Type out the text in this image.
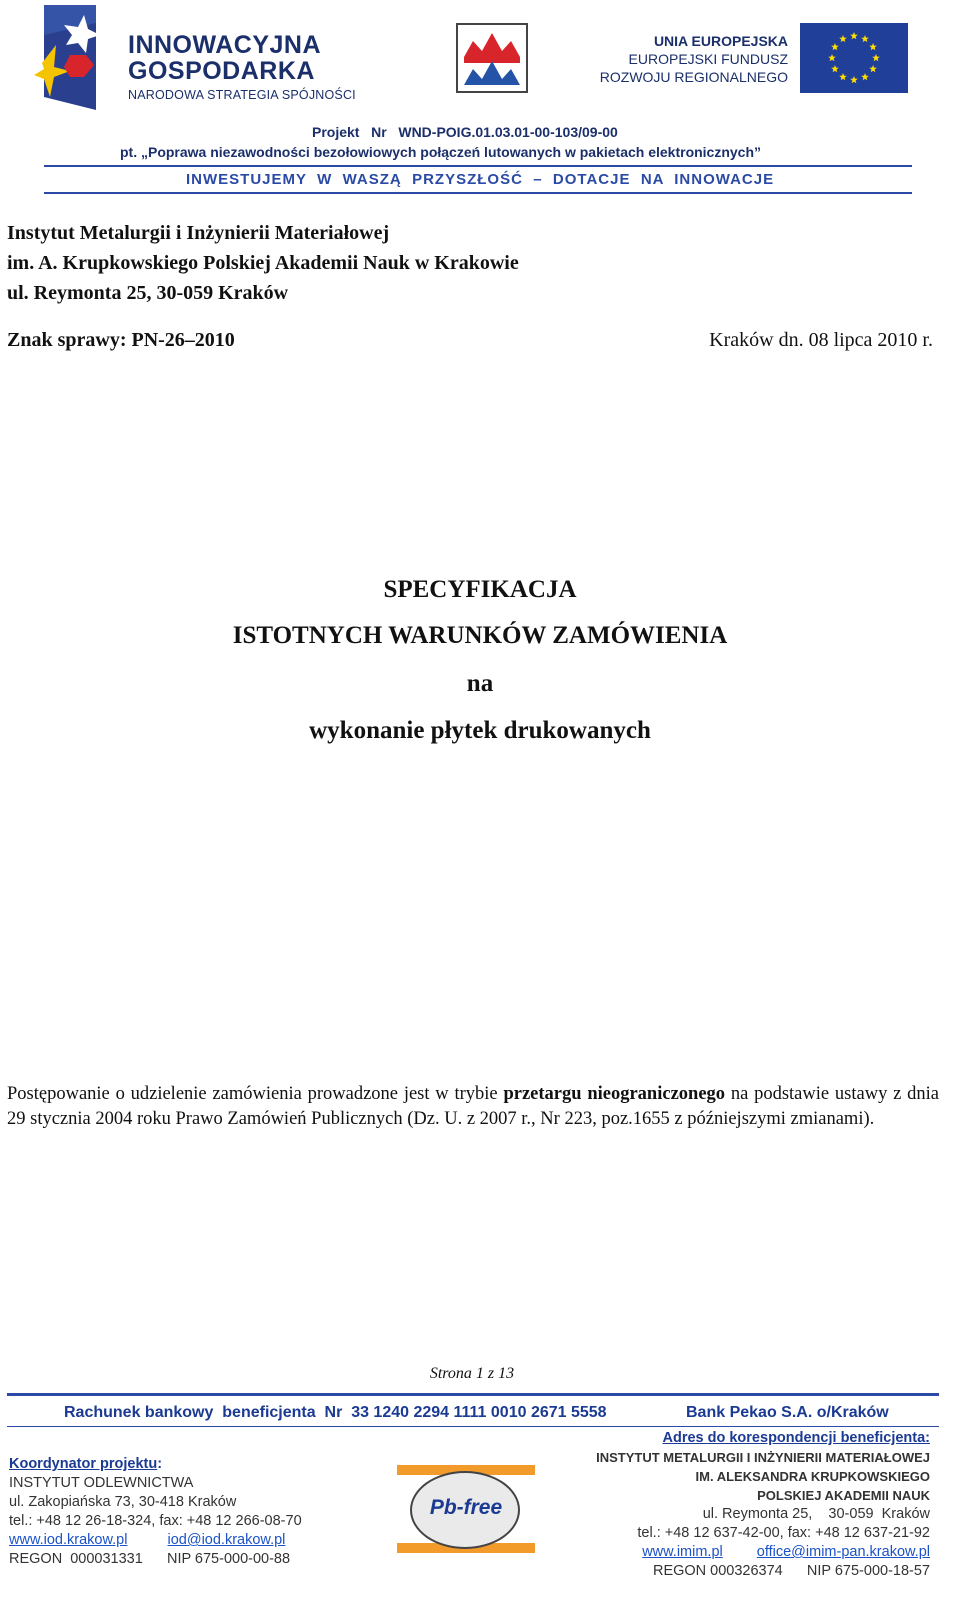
INNOWACYJNA
GOSPODARKA
NARODOWA STRATEGIA SPÓJNOŚCI
UNIA EUROPEJSKA
EUROPEJSKI FUNDUSZ
ROZWOJU REGIONALNEGO
Projekt   Nr   WND-POIG.01.03.01-00-103/09-00
pt. „Poprawa niezawodności bezołowiowych połączeń lutowanych w pakietach elektronicznych”
INWESTUJEMY  W  WASZĄ  PRZYSZŁOŚĆ  –  DOTACJE  NA  INNOWACJE
Instytut Metalurgii i Inżynierii Materiałowej
im. A. Krupkowskiego Polskiej Akademii Nauk w Krakowie
ul. Reymonta 25, 30-059 Kraków
Znak sprawy: PN-26–2010	Kraków dn. 08 lipca 2010 r.
SPECYFIKACJA
ISTOTNYCH WARUNKÓW ZAMÓWIENIA
na
wykonanie płytek drukowanych
Postępowanie o udzielenie zamówienia prowadzone jest w trybie przetargu nieograniczonego na podstawie ustawy z dnia 29 stycznia 2004 roku Prawo Zamówień Publicznych (Dz. U. z 2007 r., Nr 223, poz.1655 z późniejszymi zmianami).
Strona 1 z 13
Rachunek bankowy  beneficjenta  Nr  33 1240 2294 1111 0010 2671 5558	Bank Pekao S.A. o/Kraków
Koordynator projektu:
INSTYTUT ODLEWNICTWA
ul. Zakopiańska 73, 30-418 Kraków
tel.: +48 12 26-18-324, fax: +48 12 266-08-70
www.iod.krakow.pl	iod@iod.krakow.pl
REGON  000031331 NIP 675-000-00-88
Pb-free
Adres do korespondencji beneficjenta:
INSTYTUT METALURGII I INŻYNIERII MATERIAŁOWEJ
IM. ALEKSANDRA KRUPKOWSKIEGO
POLSKIEJ AKADEMII NAUK
ul. Reymonta 25,    30-059  Kraków
tel.: +48 12 637-42-00, fax: +48 12 637-21-92
www.imim.pl office@imim-pan.krakow.pl
REGON 000326374 NIP 675-000-18-57
